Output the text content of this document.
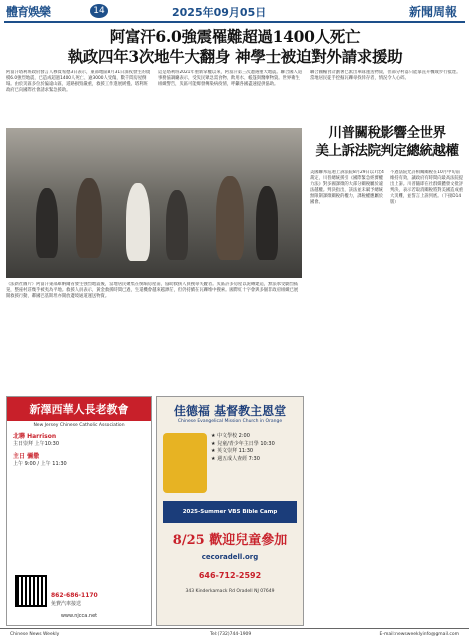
體育娛樂	14	2025年09月05日	新聞周報
阿富汗6.0強震罹難超過1400人死亡
執政四年3次地牛大翻身 神學士被迫對外請求援助
阿富汗塔利班政府發言人穆賈希德3日表示，東部地區8月31日深夜發生的規模6.0強烈地震，已造成超過1400人死亡、逾3000人受傷，數千間房屋倒塌。由於災區多位於偏遠山區，道路損毀嚴重，救援工作進展緩慢。塔利班政府已向國際社會請求緊急援助。
這是塔利班2021年重新掌權以來，阿富汗第三次遭遇重大地震。聯合國人道事務協調廳表示，受災民眾急需食物、飲用水、帳篷與醫療物資。世界衛生組織警告，災區可能爆發傳染病疫情，呼籲各國盡速提供協助。
聯合國糧食計劃署已派出車隊運送物資，但部分村落只能靠直升機或步行抵達。當地居民徒手挖掘瓦礫尋找倖存者，情況令人心碎。
（法新社圖片）阿富汗東部庫納爾省發生強烈地震後，當地居民聚集在倒塌房屋前，協助救援人員搜尋失蹤者。災區許多房屋以泥磚建造，無法承受劇烈搖晃，整座村莊幾乎被夷為平地。救援人員表示，黃金救援時間已過，生還機會越來越渺茫，但仍持續在瓦礫堆中搜索。國際紅十字會與多個非政府組織已展開救援行動，鄰國巴基斯坦亦開放邊境通道運送物資。
川普關稅影響全世界
美上訴法院判定總統越權
美國聯邦巡迴上訴法院8月29日以7比4裁定，川普總統援引《國際緊急經濟權力法》對多國課徵的大部分關稅屬於違法越權。判決指出，該法並未賦予總統無限制課徵關稅的權力，課稅權應屬於國會。
不過法院允許相關關稅在10月中旬前維持有效，讓政府有時間向最高法院提出上訴。川普隨即在社群媒體發文批評判決，表示若取消關稅將對美國造成重大災難，並誓言上訴到底。（下接D14版）
新澤西華人長老教會
New Jersey Chinese Catholic Association
北聯 Harrison
主日崇拜 上午10:30
主日 彌撒
上午 9:00 / 上午 11:30
862-686-1170
免費汽車接送
www.njcca.net
佳德福 基督教主恩堂
Chinese Evangelical Mission Church in Orange
★ 中文學校 2:00
★ 兒童/青少年主日學 10:30
★ 英文崇拜 11:30
★ 週五成人查經 7:30
2025-Summer VBS Bible Camp
8/25 歡迎兒童參加
cecoradell.org
646-712-2592
343 Kinderkamack Rd Oradell NJ 07649
Chinese News Weekly	Tel:(732)744-1909	E-mail:newsweeklyinfo@gmail.com
